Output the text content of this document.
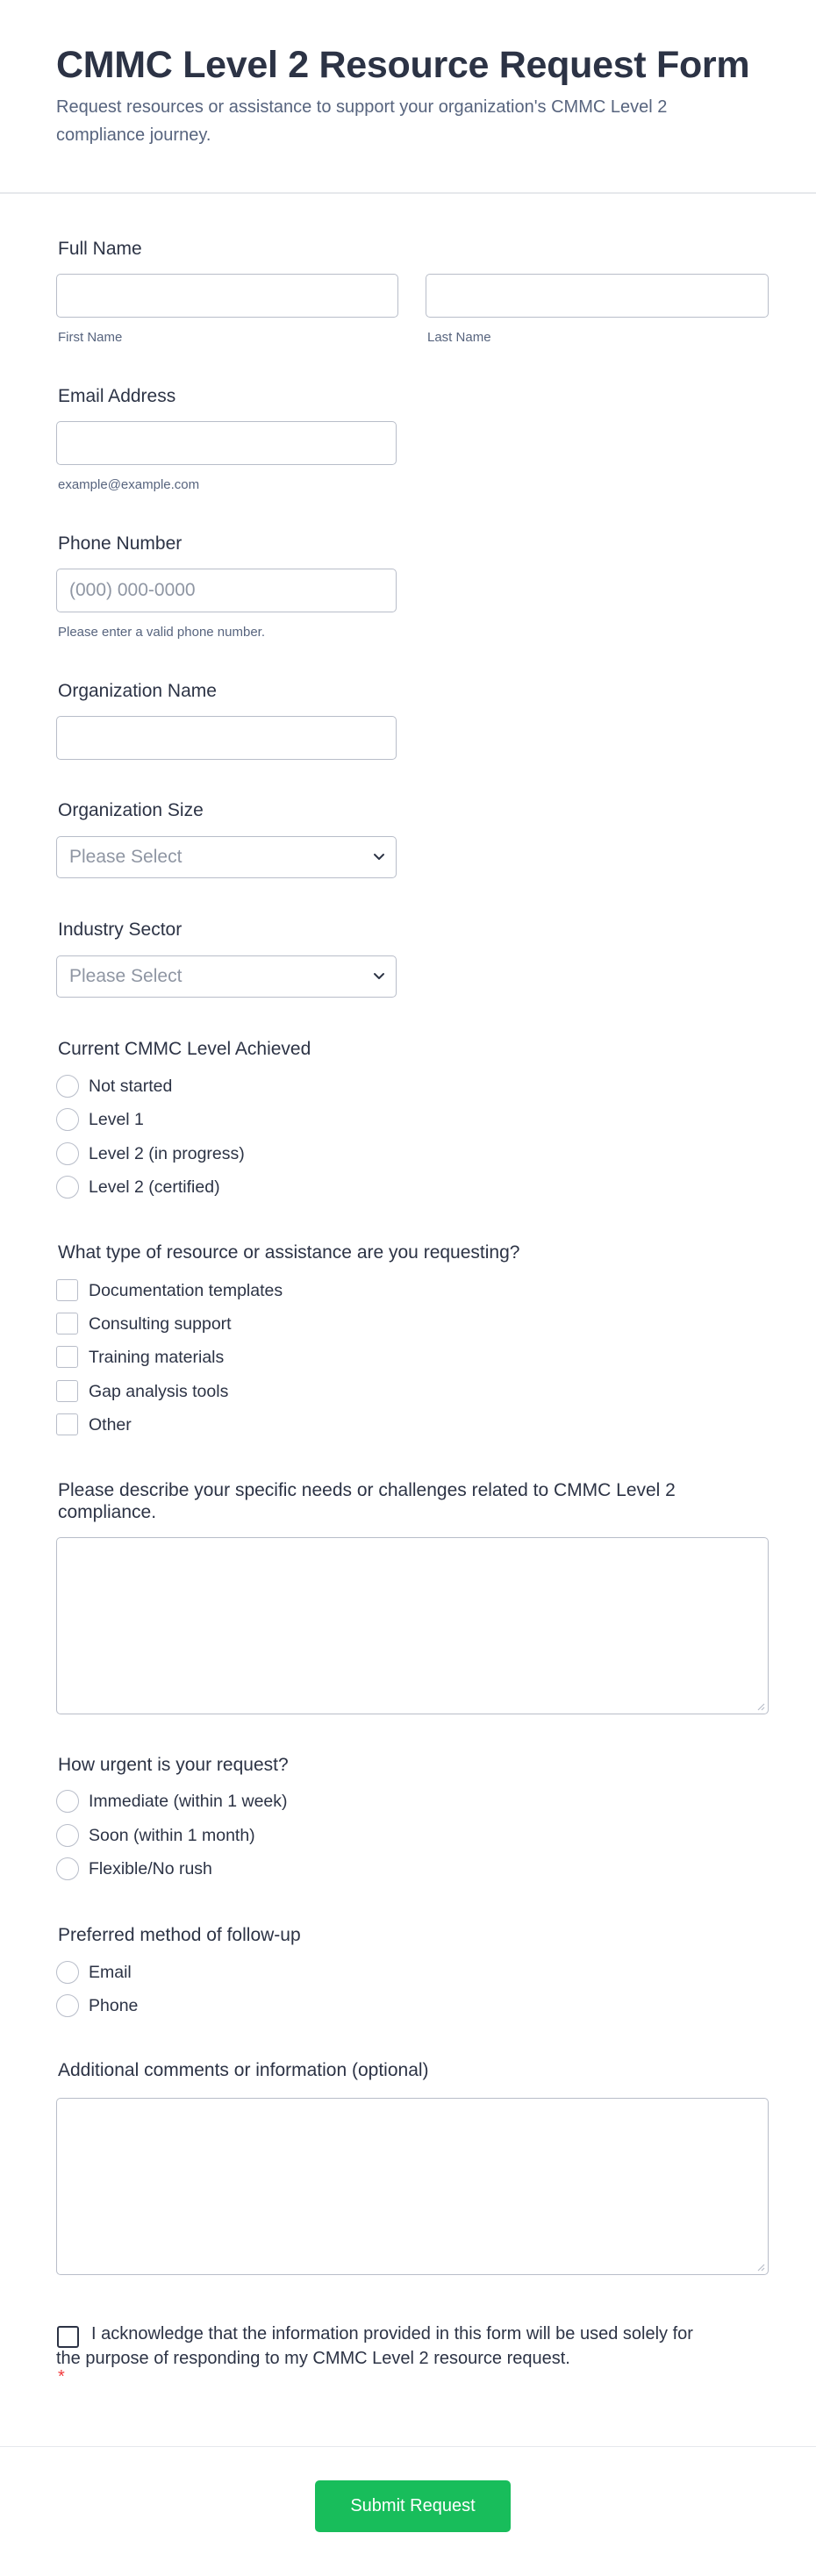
CMMC Level 2 Resource Request Form

Request resources or assistance to support your organization's CMMC Level 2 compliance journey.

Full Name
First Name	Last Name
Email Address
example@example.com
Phone Number
(000) 000-0000
Please enter a valid phone number.
Organization Name
Organization Size
Please Select
Industry Sector
Please Select
Current CMMC Level Achieved
Not started
Level 1
Level 2 (in progress)
Level 2 (certified)
What type of resource or assistance are you requesting?
Documentation templates
Consulting support
Training materials
Gap analysis tools
Other
Please describe your specific needs or challenges related to CMMC Level 2 compliance.
How urgent is your request?
Immediate (within 1 week)
Soon (within 1 month)
Flexible/No rush
Preferred method of follow-up
Email
Phone
Additional comments or information (optional)
I acknowledge that the information provided in this form will be used solely for the purpose of responding to my CMMC Level 2 resource request.
*
Submit Request
